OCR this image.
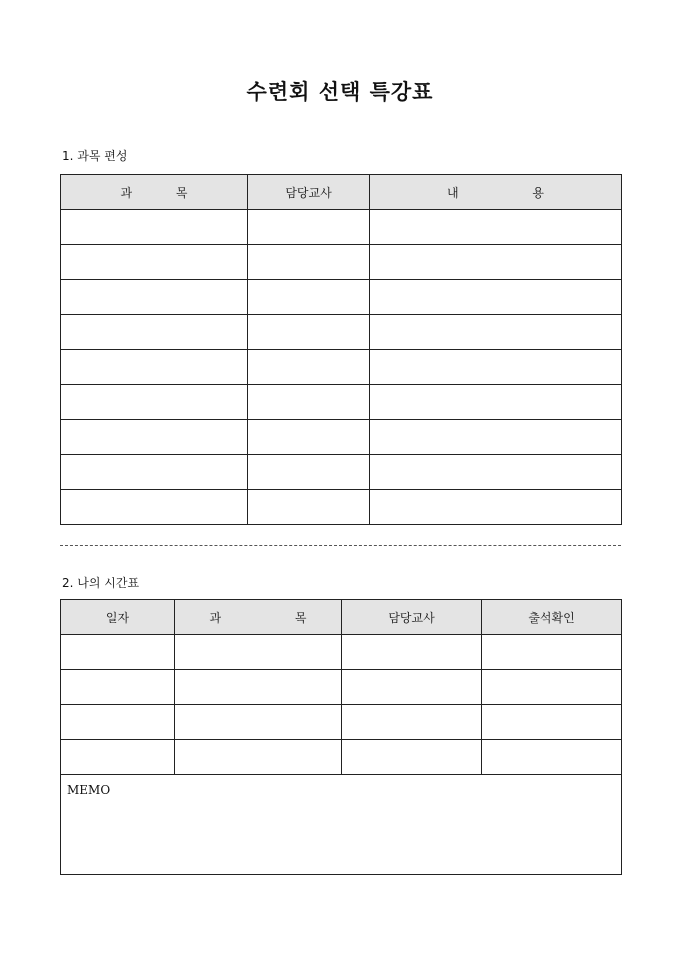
수련회 선택 특강표
1. 과목 편성
과 목	담당교사	내 용

2. 나의 시간표
일자	과 목	담당교사	출석확인

MEMO			
